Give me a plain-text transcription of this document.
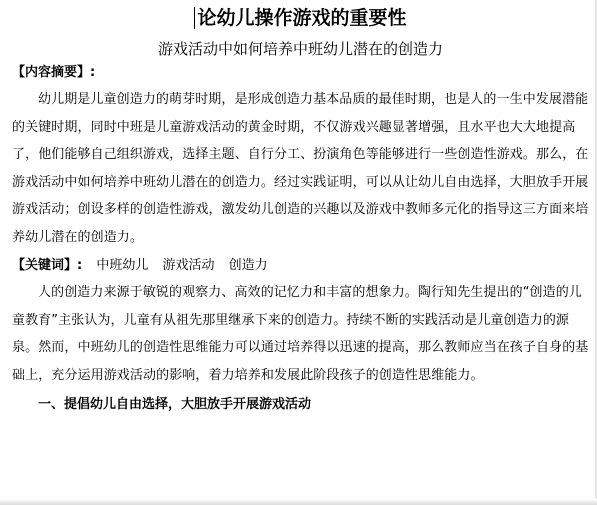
论幼儿操作游戏的重要性
游戏活动中如何培养中班幼儿潜在的创造力
【内容摘要】:

幼儿期是儿童创造力的萌芽时期，是形成创造力基本品质的最佳时期，也是人的一生中发展潜能的关键时期，同时中班是儿童游戏活动的黄金时期，不仅游戏兴趣显著增强，且水平也大大地提高了，他们能够自己组织游戏，选择主题、自行分工、扮演角色等能够进行一些创造性游戏。那么，在游戏活动中如何培养中班幼儿潜在的创造力。经过实践证明，可以从让幼儿自由选择，大胆放手开展游戏活动；创设多样的创造性游戏，激发幼儿创造的兴趣以及游戏中教师多元化的指导这三方面来培养幼儿潜在的创造力。

【关键词】: 中班幼儿 游戏活动 创造力

人的创造力来源于敏锐的观察力、高效的记忆力和丰富的想象力。陶行知先生提出的“创造的儿童教育”主张认为，儿童有从祖先那里继承下来的创造力。持续不断的实践活动是儿童创造力的源泉。然而，中班幼儿的创造性思维能力可以通过培养得以迅速的提高，那么教师应当在孩子自身的基础上，充分运用游戏活动的影响，着力培养和发展此阶段孩子的创造性思维能力。

一、提倡幼儿自由选择，大胆放手开展游戏活动
